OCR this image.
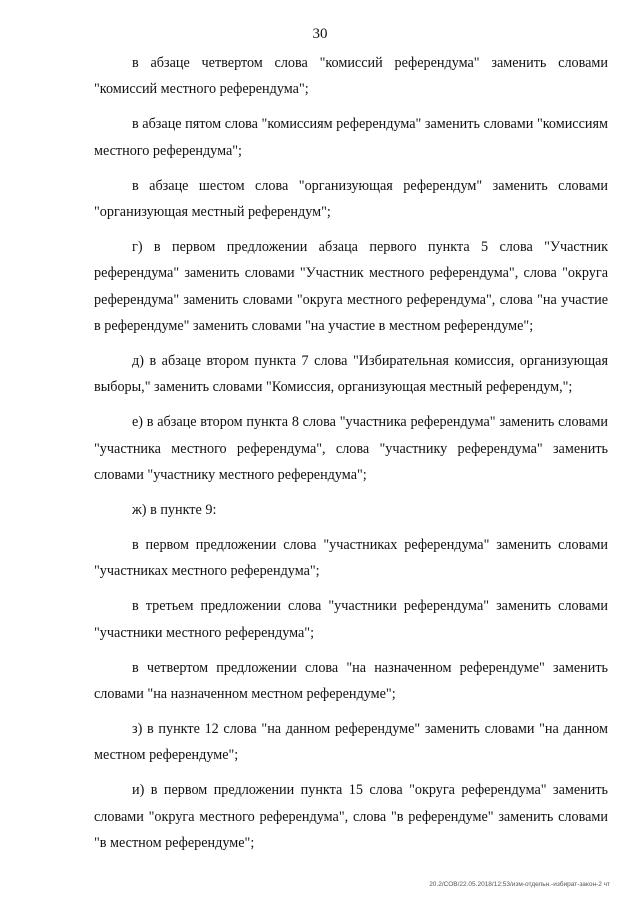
30

в абзаце четвертом слова "комиссий референдума" заменить словами "комиссий местного референдума";

в абзаце пятом слова "комиссиям референдума" заменить словами "комиссиям местного референдума";

в абзаце шестом слова "организующая референдум" заменить словами "организующая местный референдум";

г) в первом предложении абзаца первого пункта 5 слова "Участник референдума" заменить словами "Участник местного референдума", слова "округа референдума" заменить словами "округа местного референдума", слова "на участие в референдуме" заменить словами "на участие в местном референдуме";

д) в абзаце втором пункта 7 слова "Избирательная комиссия, организующая выборы," заменить словами "Комиссия, организующая местный референдум,";

е) в абзаце втором пункта 8 слова "участника референдума" заменить словами "участника местного референдума", слова "участнику референдума" заменить словами "участнику местного референдума";

ж) в пункте 9:

в первом предложении слова "участниках референдума" заменить словами "участниках местного референдума";

в третьем предложении слова "участники референдума" заменить словами "участники местного референдума";

в четвертом предложении слова "на назначенном референдуме" заменить словами "на назначенном местном референдуме";

з) в пункте 12 слова "на данном референдуме" заменить словами "на данном местном референдуме";

и) в первом предложении пункта 15 слова "округа референдума" заменить словами "округа местного референдума", слова "в референдуме" заменить словами "в местном референдуме";

20.2/СОВ/22.05.2018/12:53/изм-отдельн.-избират-закон-2 чт
